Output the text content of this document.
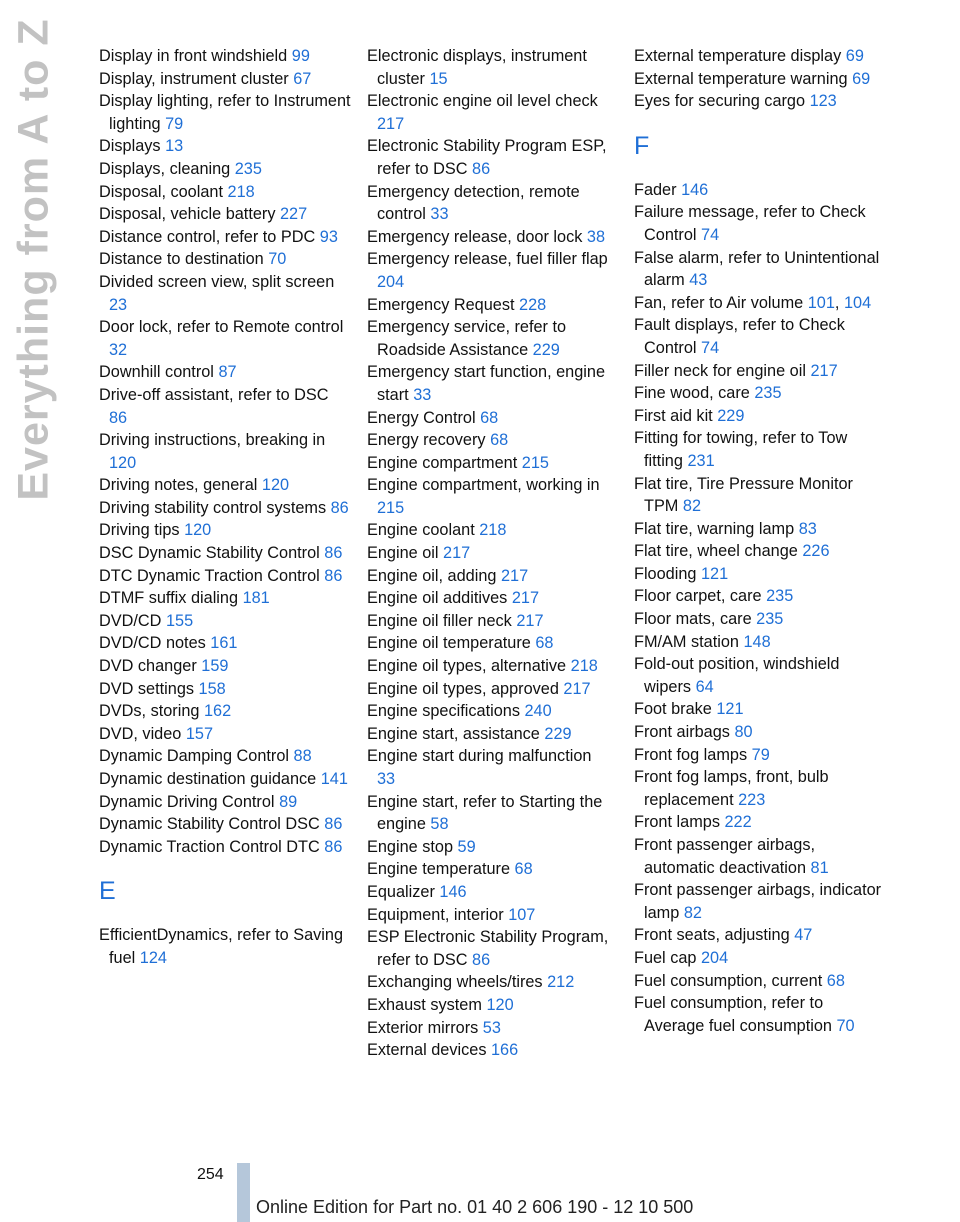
Everything from A to Z	Display in front windshield 99
Display, instrument cluster 67
Display lighting, refer to Instrument lighting 79
Displays 13
Displays, cleaning 235
Disposal, coolant 218
Disposal, vehicle battery 227
Distance control, refer to PDC 93
Distance to destination 70
Divided screen view, split screen 23
Door lock, refer to Remote control 32
Downhill control 87
Drive-off assistant, refer to DSC 86
Driving instructions, breaking in 120
Driving notes, general 120
Driving stability control systems 86
Driving tips 120
DSC Dynamic Stability Control 86
DTC Dynamic Traction Control 86
DTMF suffix dialing 181
DVD/CD 155
DVD/CD notes 161
DVD changer 159
DVD settings 158
DVDs, storing 162
DVD, video 157
Dynamic Damping Control 88
Dynamic destination guidance 141
Dynamic Driving Control 89
Dynamic Stability Control DSC 86
Dynamic Traction Control DTC 86
E
EfficientDynamics, refer to Saving fuel 124
Electronic displays, instrument cluster 15
Electronic engine oil level check 217
Electronic Stability Program ESP, refer to DSC 86
Emergency detection, remote control 33
Emergency release, door lock 38
Emergency release, fuel filler flap 204
Emergency Request 228
Emergency service, refer to Roadside Assistance 229
Emergency start function, engine start 33
Energy Control 68
Energy recovery 68
Engine compartment 215
Engine compartment, working in 215
Engine coolant 218
Engine oil 217
Engine oil, adding 217
Engine oil additives 217
Engine oil filler neck 217
Engine oil temperature 68
Engine oil types, alternative 218
Engine oil types, approved 217
Engine specifications 240
Engine start, assistance 229
Engine start during malfunction 33
Engine start, refer to Starting the engine 58
Engine stop 59
Engine temperature 68
Equalizer 146
Equipment, interior 107
ESP Electronic Stability Program, refer to DSC 86
Exchanging wheels/tires 212
Exhaust system 120
Exterior mirrors 53
External devices 166
External temperature display 69
External temperature warning 69
Eyes for securing cargo 123
F
Fader 146
Failure message, refer to Check Control 74
False alarm, refer to Unintentional alarm 43
Fan, refer to Air volume 101, 104
Fault displays, refer to Check Control 74
Filler neck for engine oil 217
Fine wood, care 235
First aid kit 229
Fitting for towing, refer to Tow fitting 231
Flat tire, Tire Pressure Monitor TPM 82
Flat tire, warning lamp 83
Flat tire, wheel change 226
Flooding 121
Floor carpet, care 235
Floor mats, care 235
FM/AM station 148
Fold-out position, windshield wipers 64
Foot brake 121
Front airbags 80
Front fog lamps 79
Front fog lamps, front, bulb replacement 223
Front lamps 222
Front passenger airbags, automatic deactivation 81
Front passenger airbags, indicator lamp 82
Front seats, adjusting 47
Fuel cap 204
Fuel consumption, current 68
Fuel consumption, refer to Average fuel consumption 70
254
Online Edition for Part no. 01 40 2 606 190 - 12 10 500
